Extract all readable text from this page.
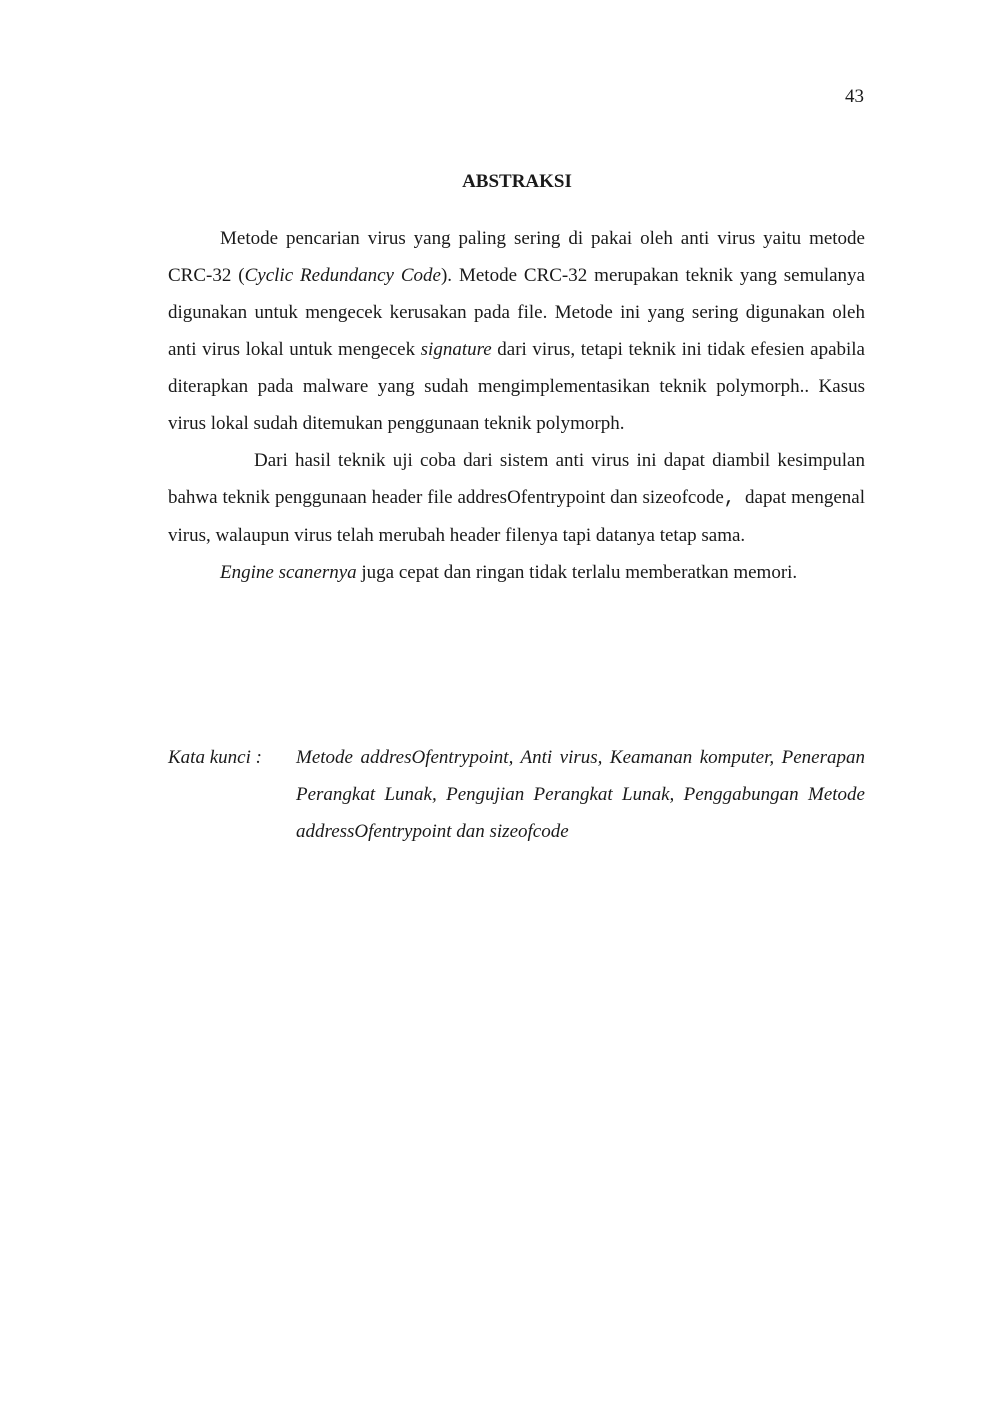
43
ABSTRAKSI

Metode pencarian virus yang paling sering di pakai oleh anti virus yaitu metode CRC-32 (Cyclic Redundancy Code). Metode CRC-32 merupakan teknik yang semulanya digunakan untuk mengecek kerusakan pada file. Metode ini yang sering digunakan oleh anti virus lokal untuk mengecek signature dari virus, tetapi teknik ini tidak efesien apabila diterapkan pada malware yang sudah mengimplementasikan teknik polymorph.. Kasus virus lokal sudah ditemukan penggunaan teknik polymorph.

Dari hasil teknik uji coba dari sistem anti virus ini dapat diambil kesimpulan bahwa teknik penggunaan header file addresOfentrypoint dan sizeofcode,  dapat mengenal virus, walaupun virus telah merubah header filenya tapi datanya tetap sama.

Engine scanernya juga cepat dan ringan tidak terlalu memberatkan memori.

Kata kunci :	Metode addresOfentrypoint, Anti virus, Keamanan komputer, Penerapan Perangkat Lunak, Pengujian Perangkat Lunak, Penggabungan Metode addressOfentrypoint dan sizeofcode
